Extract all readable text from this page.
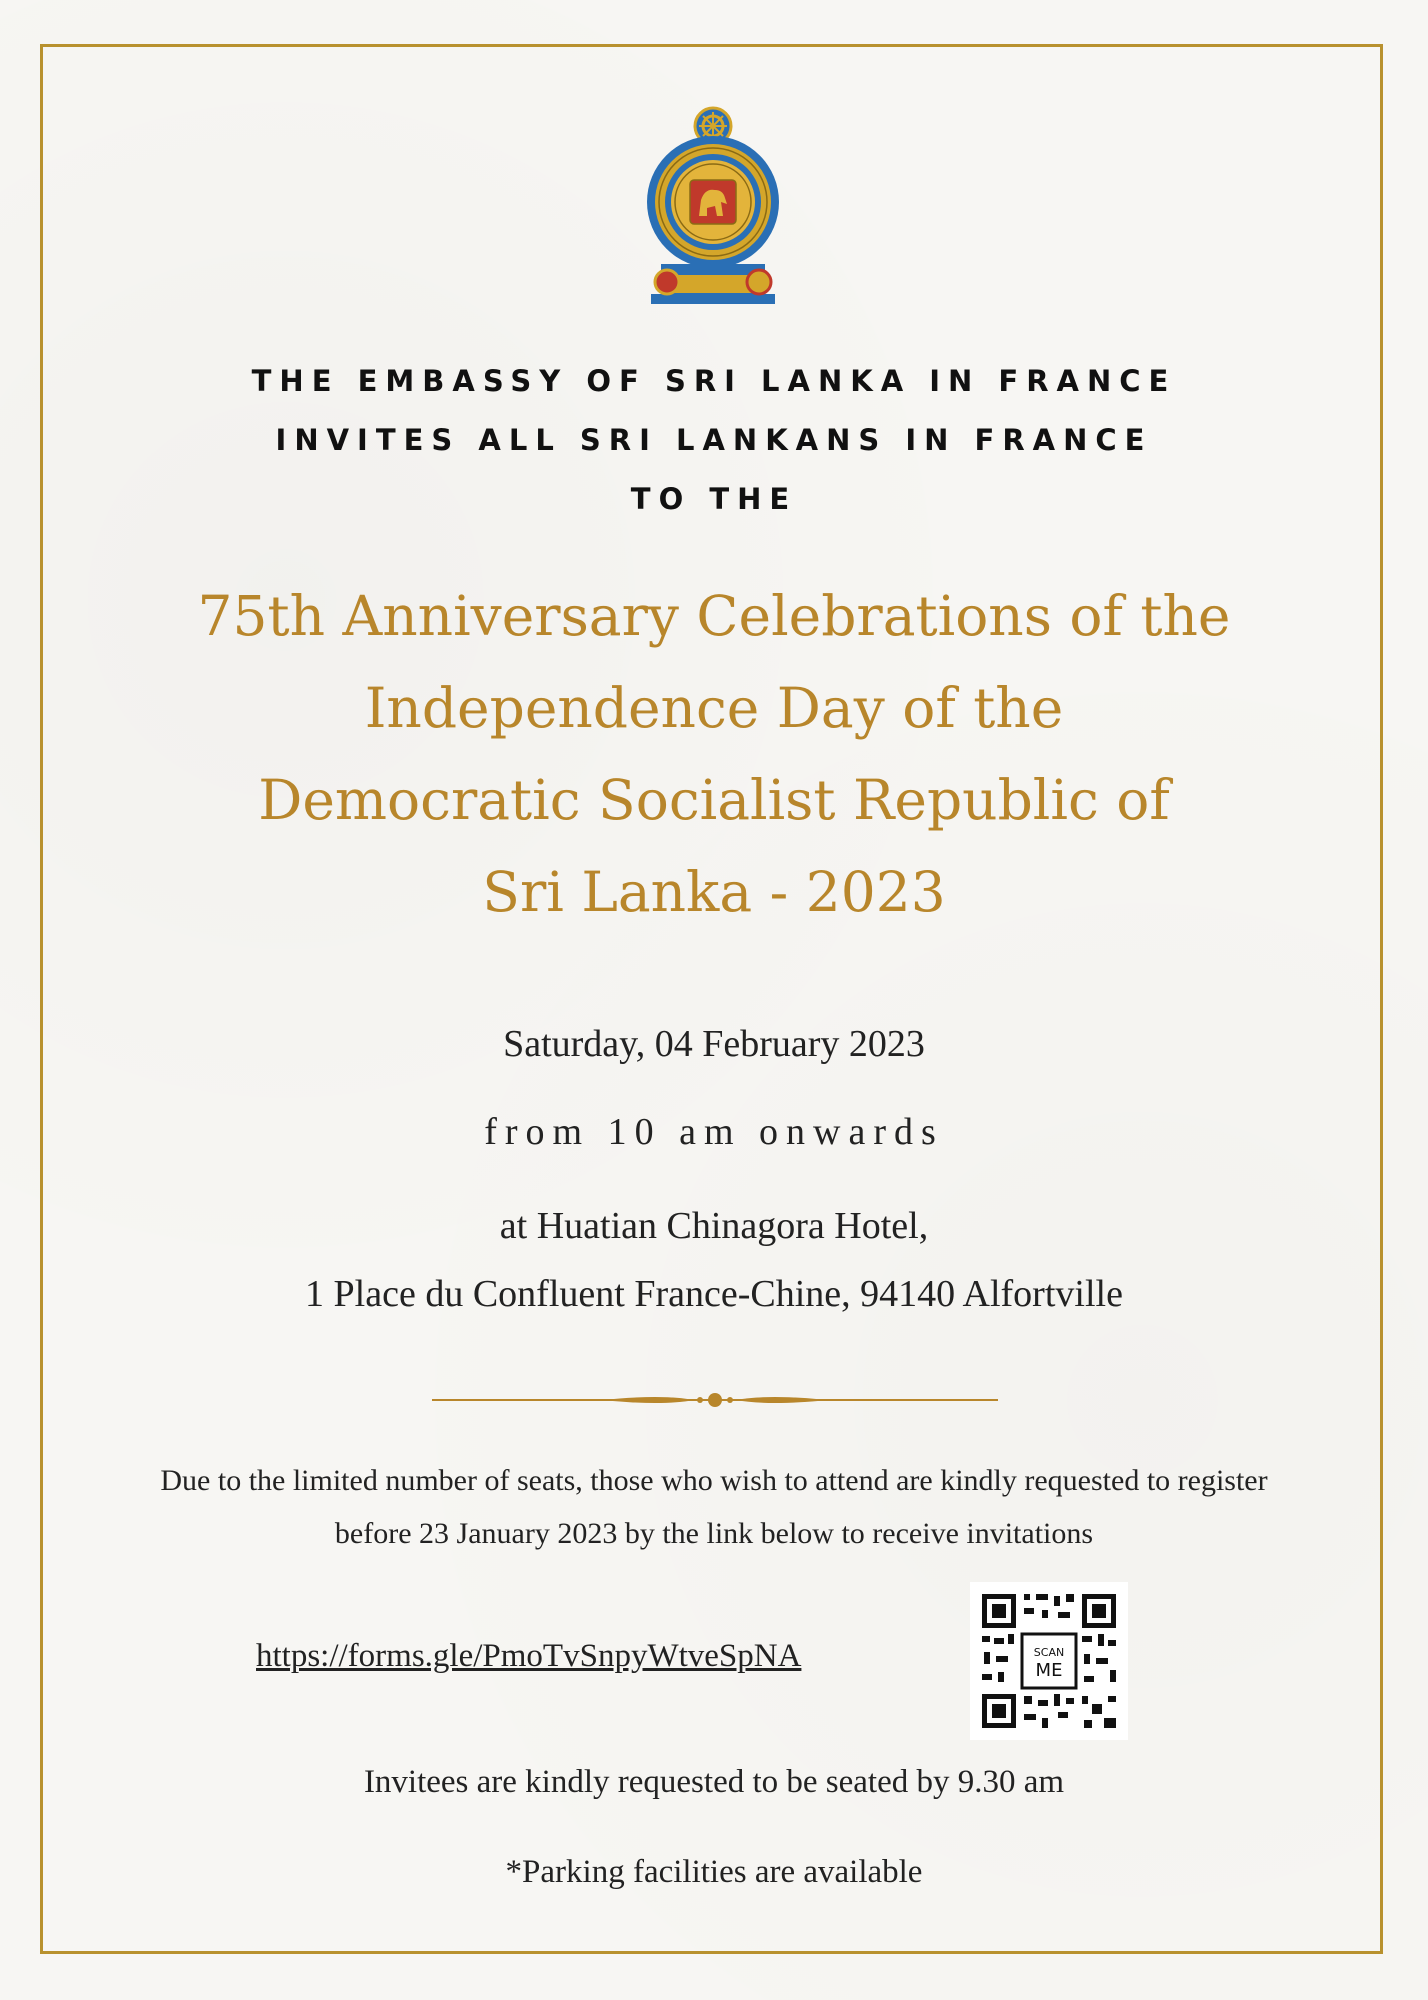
THE EMBASSY OF SRI LANKA IN FRANCE
INVITES ALL SRI LANKANS IN FRANCE
TO THE
75th Anniversary Celebrations of the
Independence Day of the
Democratic Socialist Republic of
Sri Lanka - 2023
Saturday, 04 February 2023
from 10 am onwards
at Huatian Chinagora Hotel,
1 Place du Confluent France-Chine, 94140 Alfortville
Due to the limited number of seats, those who wish to attend are kindly requested to register before 23 January 2023 by the link below to receive invitations
https://forms.gle/PmoTvSnpyWtveSpNA	SCAN
ME
Invitees are kindly requested to be seated by 9.30 am
*Parking facilities are available
